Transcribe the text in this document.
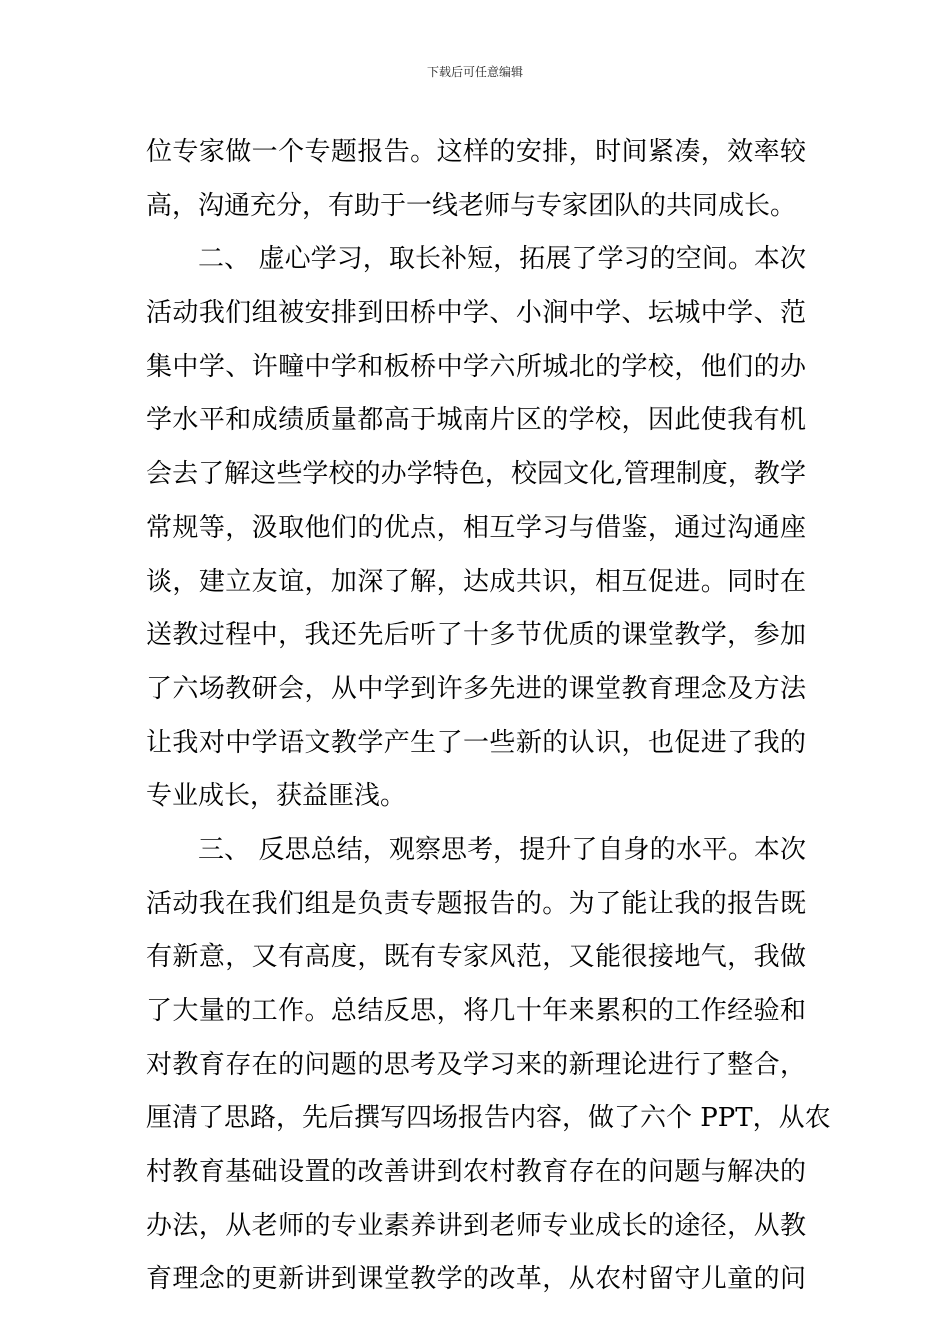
下载后可任意编辑
位专家做一个专题报告。这样的安排，时间紧凑，效率较
高，沟通充分，有助于一线老师与专家团队的共同成长。
二、 虚心学习，取长补短，拓展了学习的空间。本次
活动我们组被安排到田桥中学、小涧中学、坛城中学、范
集中学、许疃中学和板桥中学六所城北的学校，他们的办
学水平和成绩质量都高于城南片区的学校，因此使我有机
会去了解这些学校的办学特色，校园文化,管理制度，教学
常规等，汲取他们的优点，相互学习与借鉴，通过沟通座
谈，建立友谊，加深了解，达成共识，相互促进。同时在
送教过程中，我还先后听了十多节优质的课堂教学，参加
了六场教研会，从中学到许多先进的课堂教育理念及方法
让我对中学语文教学产生了一些新的认识，也促进了我的
专业成长，获益匪浅。
三、 反思总结，观察思考，提升了自身的水平。本次
活动我在我们组是负责专题报告的。为了能让我的报告既
有新意，又有高度，既有专家风范，又能很接地气，我做
了大量的工作。总结反思，将几十年来累积的工作经验和
对教育存在的问题的思考及学习来的新理论进行了整合，
厘清了思路，先后撰写四场报告内容，做了六个 PPT，从农
村教育基础设置的改善讲到农村教育存在的问题与解决的
办法，从老师的专业素养讲到老师专业成长的途径，从教
育理念的更新讲到课堂教学的改革，从农村留守儿童的问
